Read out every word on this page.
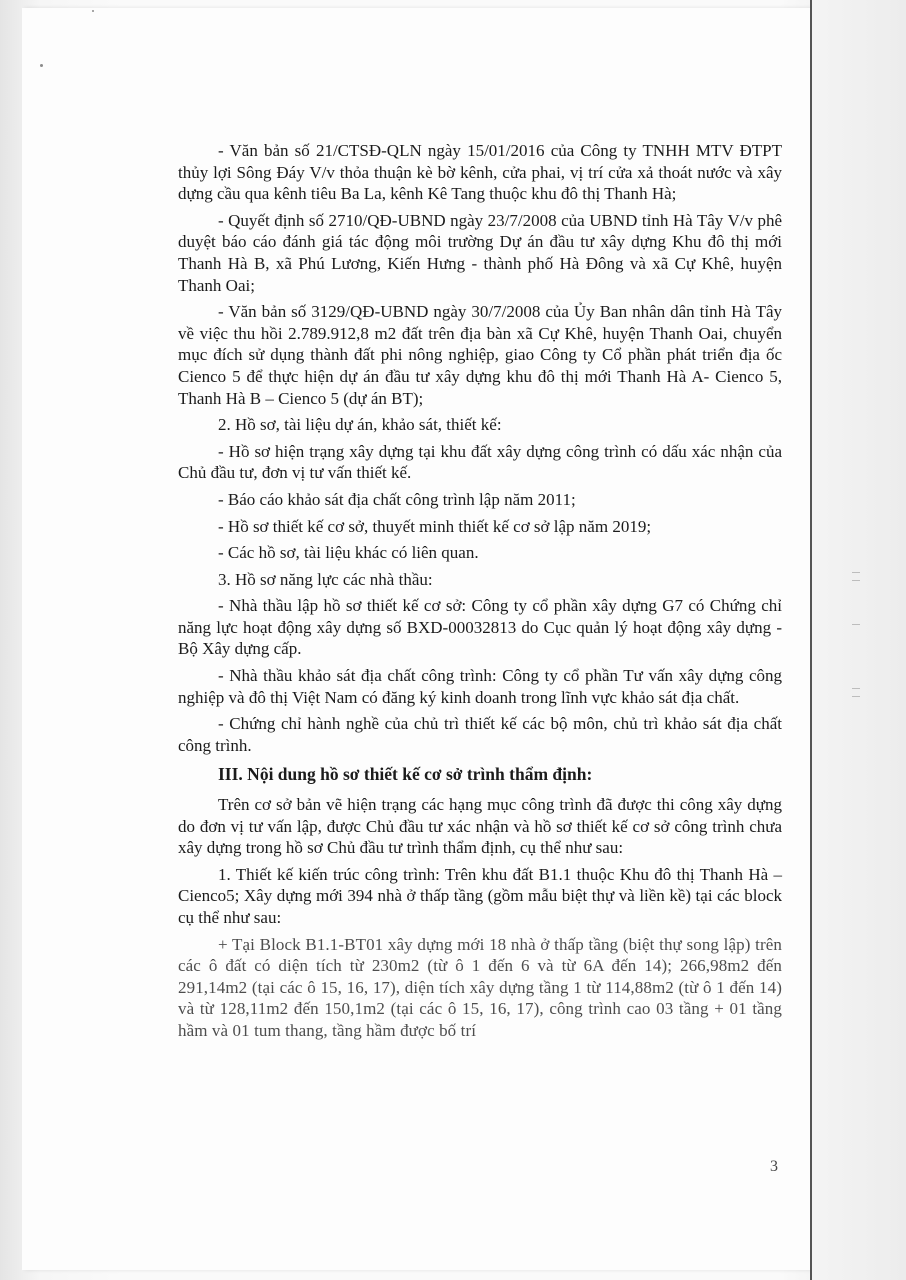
- Văn bản số 21/CTSĐ-QLN ngày 15/01/2016 của Công ty TNHH MTV ĐTPT thủy lợi Sông Đáy V/v thỏa thuận kè bờ kênh, cửa phai, vị trí cửa xả thoát nước và xây dựng cầu qua kênh tiêu Ba La, kênh Kê Tang thuộc khu đô thị Thanh Hà;

- Quyết định số 2710/QĐ-UBND ngày 23/7/2008 của UBND tỉnh Hà Tây V/v phê duyệt báo cáo đánh giá tác động môi trường Dự án đầu tư xây dựng Khu đô thị mới Thanh Hà B, xã Phú Lương, Kiến Hưng - thành phố Hà Đông và xã Cự Khê, huyện Thanh Oai;

- Văn bản số 3129/QĐ-UBND ngày 30/7/2008 của Ủy Ban nhân dân tỉnh Hà Tây về việc thu hồi 2.789.912,8 m2 đất trên địa bàn xã Cự Khê, huyện Thanh Oai, chuyển mục đích sử dụng thành đất phi nông nghiệp, giao Công ty Cổ phần phát triển địa ốc Cienco 5 để thực hiện dự án đầu tư xây dựng khu đô thị mới Thanh Hà A- Cienco 5, Thanh Hà B – Cienco 5 (dự án BT);

2. Hồ sơ, tài liệu dự án, khảo sát, thiết kế:

- Hồ sơ hiện trạng xây dựng tại khu đất xây dựng công trình có dấu xác nhận của Chủ đầu tư, đơn vị tư vấn thiết kế.

- Báo cáo khảo sát địa chất công trình lập năm 2011;

- Hồ sơ thiết kế cơ sở, thuyết minh thiết kế cơ sở lập năm 2019;

- Các hồ sơ, tài liệu khác có liên quan.

3. Hồ sơ năng lực các nhà thầu:

- Nhà thầu lập hồ sơ thiết kế cơ sở: Công ty cổ phần xây dựng G7 có Chứng chỉ năng lực hoạt động xây dựng số BXD-00032813 do Cục quản lý hoạt động xây dựng - Bộ Xây dựng cấp.

- Nhà thầu khảo sát địa chất công trình: Công ty cổ phần Tư vấn xây dựng công nghiệp và đô thị Việt Nam có đăng ký kinh doanh trong lĩnh vực khảo sát địa chất.

- Chứng chỉ hành nghề của chủ trì thiết kế các bộ môn, chủ trì khảo sát địa chất công trình.

III. Nội dung hồ sơ thiết kế cơ sở trình thẩm định:

Trên cơ sở bản vẽ hiện trạng các hạng mục công trình đã được thi công xây dựng do đơn vị tư vấn lập, được Chủ đầu tư xác nhận và hồ sơ thiết kế cơ sở công trình chưa xây dựng trong hồ sơ Chủ đầu tư trình thẩm định, cụ thể như sau:

1. Thiết kế kiến trúc công trình: Trên khu đất B1.1 thuộc Khu đô thị Thanh Hà – Cienco5; Xây dựng mới 394 nhà ở thấp tầng (gồm mẫu biệt thự và liền kề) tại các block cụ thể như sau:

+ Tại Block B1.1-BT01 xây dựng mới 18 nhà ở thấp tầng (biệt thự song lập) trên các ô đất có diện tích từ 230m2 (từ ô 1 đến 6 và từ 6A đến 14); 266,98m2 đến 291,14m2 (tại các ô 15, 16, 17), diện tích xây dựng tầng 1 từ 114,88m2 (từ ô 1 đến 14) và từ 128,11m2 đến 150,1m2 (tại các ô 15, 16, 17), công trình cao 03 tầng + 01 tầng hầm và 01 tum thang, tầng hầm được bố trí

3
